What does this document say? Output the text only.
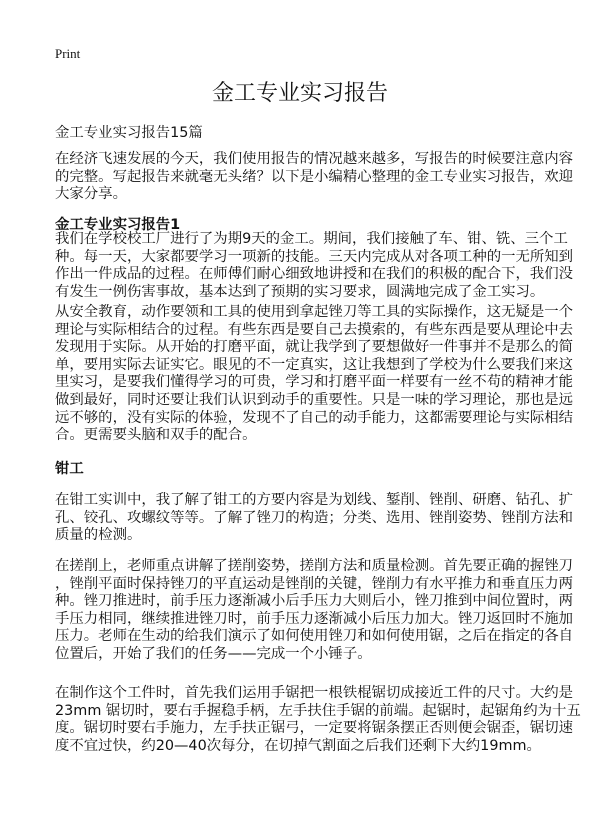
Print
金工专业实习报告
金工专业实习报告15篇
在经济飞速发展的今天，我们使用报告的情况越来越多，写报告的时候要注意内容
的完整。写起报告来就毫无头绪？以下是小编精心整理的金工专业实习报告，欢迎
大家分享。
金工专业实习报告1
我们在学校校工厂进行了为期9天的金工。期间，我们接触了车、钳、铣、三个工
种。每一天，大家都要学习一项新的技能。三天内完成从对各项工种的一无所知到
作出一件成品的过程。在师傅们耐心细致地讲授和在我们的积极的配合下，我们没
有发生一例伤害事故，基本达到了预期的实习要求，圆满地完成了金工实习。
从安全教育，动作要领和工具的使用到拿起锉刀等工具的实际操作，这无疑是一个
理论与实际相结合的过程。有些东西是要自己去摸索的，有些东西是要从理论中去
发现用于实际。从开始的打磨平面，就让我学到了要想做好一件事并不是那么的简
单，要用实际去证实它。眼见的不一定真实，这让我想到了学校为什么要我们来这
里实习，是要我们懂得学习的可贵，学习和打磨平面一样要有一丝不苟的精神才能
做到最好，同时还要让我们认识到动手的重要性。只是一味的学习理论，那也是远
远不够的，没有实际的体验，发现不了自己的动手能力，这都需要理论与实际相结
合。更需要头脑和双手的配合。
钳工
在钳工实训中，我了解了钳工的方要内容是为划线、錾削、锉削、研磨、钻孔、扩
孔、铰孔、攻螺纹等等。了解了锉刀的构造；分类、选用、锉削姿势、锉削方法和
质量的检测。
在搓削上，老师重点讲解了搓削姿势，搓削方法和质量检测。首先要正确的握锉刀
，锉削平面时保持锉刀的平直运动是锉削的关键，锉削力有水平推力和垂直压力两
种。锉刀推进时，前手压力逐渐减小后手压力大则后小，锉刀推到中间位置时，两
手压力相同，继续推进锉刀时，前手压力逐渐减小后压力加大。锉刀返回时不施加
压力。老师在生动的给我们演示了如何使用锉刀和如何使用锯，之后在指定的各自
位置后，开始了我们的任务——完成一个小锤子。
在制作这个工件时，首先我们运用手锯把一根铁棍锯切成接近工件的尺寸。大约是
23mm 锯切时，要右手握稳手柄，左手扶住手锯的前端。起锯时，起锯角约为十五
度。锯切时要右手施力，左手扶正锯弓，一定要将锯条摆正否则便会锯歪，锯切速
度不宜过快，约20—40次每分，在切掉气割面之后我们还剩下大约19mm。
